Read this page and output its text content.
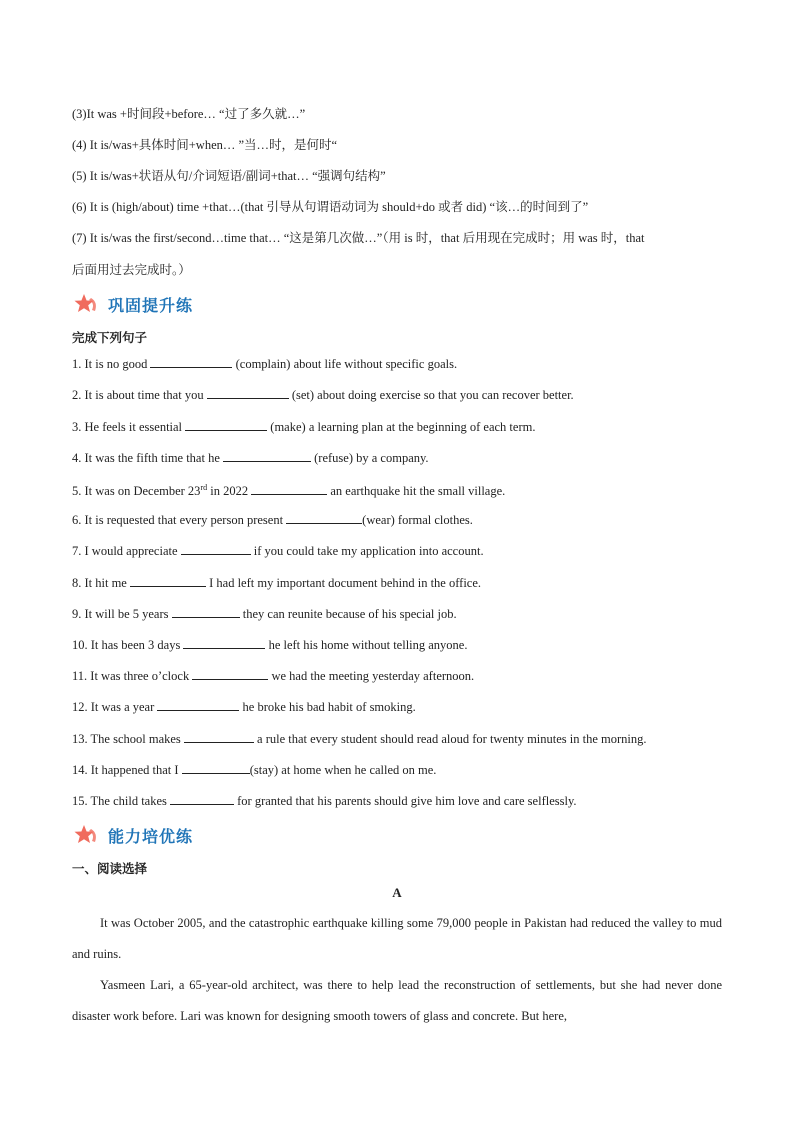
(3)It was +时间段+before… “过了多久就…”
(4) It is/was+具体时间+when… ”当…时，是何时“
(5) It is/was+状语从句/介词短语/副词+that… “强调句结构”
(6) It is (high/about) time +that…(that 引导从句谓语动词为 should+do 或者 did) “该…的时间到了”
(7) It is/was the first/second…time that… “这是第几次做…”（用 is 时，that 后用现在完成时；用 was 时，that
后面用过去完成时。）
巩固提升练
完成下列句子
1. It is no good	(complain) about life without specific goals.
2. It is about time that you	(set) about doing exercise so that you can recover better.
3. He feels it essential	(make) a learning plan at the beginning of each term.
4. It was the fifth time that he	(refuse) by a company.
5. It was on December 23rd in 2022	an earthquake hit the small village.
6. It is requested that every person present	(wear) formal clothes.
7. I would appreciate	if you could take my application into account.
8. It hit me	I had left my important document behind in the office.
9. It will be 5 years	they can reunite because of his special job.
10. It has been 3 days	he left his home without telling anyone.
11. It was three o’clock	we had the meeting yesterday afternoon.
12. It was a year	he broke his bad habit of smoking.
13. The school makes	a rule that every student should read aloud for twenty minutes in the morning.
14. It happened that I	(stay) at home when he called on me.
15. The child takes	for granted that his parents should give him love and care selflessly.
能力培优练
一、阅读选择
A
It was October 2005, and the catastrophic earthquake killing some 79,000 people in Pakistan had reduced the valley to mud and ruins.
Yasmeen Lari, a 65-year-old architect, was there to help lead the reconstruction of settlements, but she had never done disaster work before. Lari was known for designing smooth towers of glass and concrete. But here,
